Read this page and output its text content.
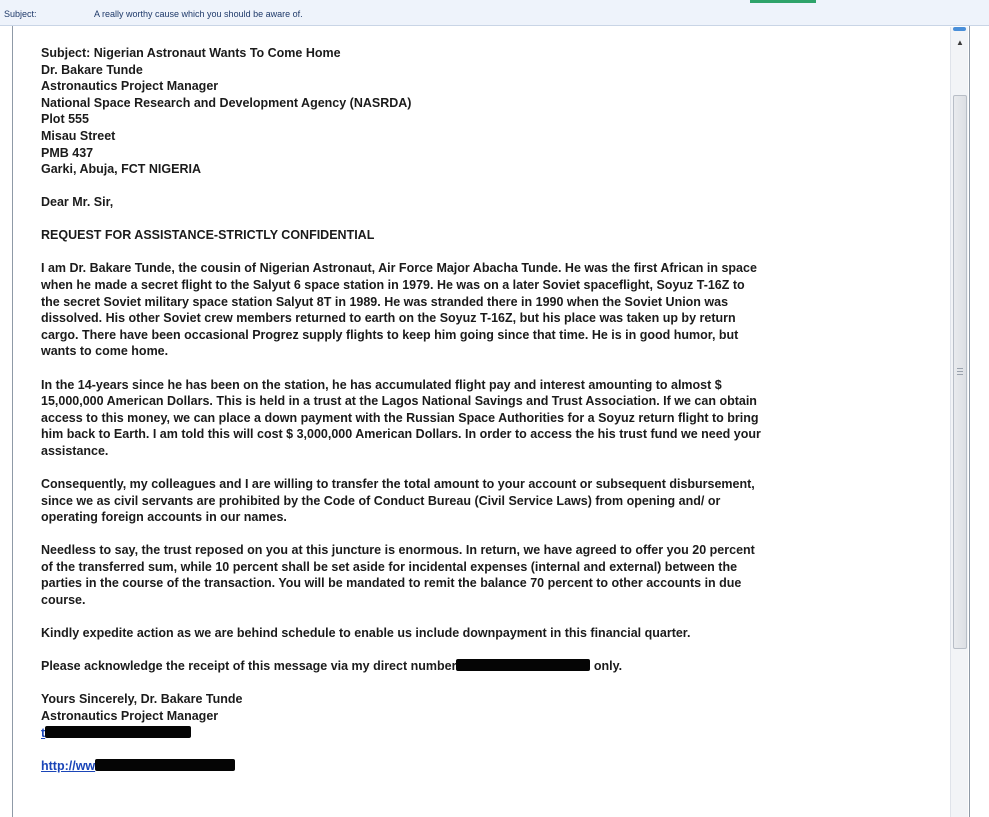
Subject:	A really worthy cause which you should be aware of.
Subject: Nigerian Astronaut Wants To Come Home
Dr. Bakare Tunde
Astronautics Project Manager
National Space Research and Development Agency (NASRDA)
Plot 555
Misau Street
PMB 437
Garki, Abuja, FCT NIGERIA

Dear Mr. Sir,

REQUEST FOR ASSISTANCE-STRICTLY CONFIDENTIAL

I am Dr. Bakare Tunde, the cousin of Nigerian Astronaut, Air Force Major Abacha Tunde. He was the first African in space
when he made a secret flight to the Salyut 6 space station in 1979. He was on a later Soviet spaceflight, Soyuz T-16Z to
the secret Soviet military space station Salyut 8T in 1989. He was stranded there in 1990 when the Soviet Union was
dissolved. His other Soviet crew members returned to earth on the Soyuz T-16Z, but his place was taken up by return
cargo. There have been occasional Progrez supply flights to keep him going since that time. He is in good humor, but
wants to come home.
In the 14-years since he has been on the station, he has accumulated flight pay and interest amounting to almost $
15,000,000 American Dollars. This is held in a trust at the Lagos National Savings and Trust Association. If we can obtain
access to this money, we can place a down payment with the Russian Space Authorities for a Soyuz return flight to bring
him back to Earth. I am told this will cost $ 3,000,000 American Dollars. In order to access the his trust fund we need your
assistance.
Consequently, my colleagues and I are willing to transfer the total amount to your account or subsequent disbursement,
since we as civil servants are prohibited by the Code of Conduct Bureau (Civil Service Laws) from opening and/ or
operating foreign accounts in our names.
Needless to say, the trust reposed on you at this juncture is enormous. In return, we have agreed to offer you 20 percent
of the transferred sum, while 10 percent shall be set aside for incidental expenses (internal and external) between the
parties in the course of the transaction. You will be mandated to remit the balance 70 percent to other accounts in due
course.

Kindly expedite action as we are behind schedule to enable us include downpayment in this financial quarter.

Please acknowledge the receipt of this message via my direct number	only.

Yours Sincerely, Dr. Bakare Tunde
Astronautics Project Manager
t
http://ww
▲
